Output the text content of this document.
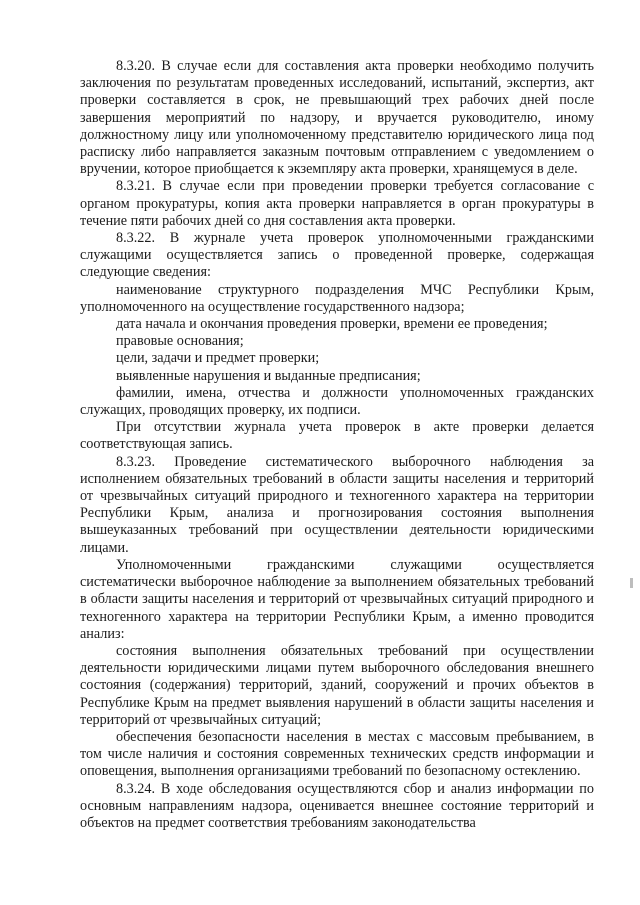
8.3.20. В случае если для составления акта проверки необходимо получить заключения по результатам проведенных исследований, испытаний, экспертиз, акт проверки составляется в срок, не превышающий трех рабочих дней после завершения мероприятий по надзору, и вручается руководителю, иному должностному лицу или уполномоченному представителю юридического лица под расписку либо направляется заказным почтовым отправлением с уведомлением о вручении, которое приобщается к экземпляру акта проверки, хранящемуся в деле.

8.3.21. В случае если при проведении проверки требуется согласование с органом прокуратуры, копия акта проверки направляется в орган прокуратуры в течение пяти рабочих дней со дня составления акта проверки.

8.3.22. В журнале учета проверок уполномоченными гражданскими служащими осуществляется запись о проведенной проверке, содержащая следующие сведения:

наименование структурного подразделения МЧС Республики Крым, уполномоченного на осуществление государственного надзора;

дата начала и окончания проведения проверки, времени ее проведения;

правовые основания;

цели, задачи и предмет проверки;

выявленные нарушения и выданные предписания;

фамилии, имена, отчества и должности уполномоченных гражданских служащих, проводящих проверку, их подписи.

При отсутствии журнала учета проверок в акте проверки делается соответствующая запись.

8.3.23. Проведение систематического выборочного наблюдения за исполнением обязательных требований в области защиты населения и территорий от чрезвычайных ситуаций природного и техногенного характера на территории Республики Крым, анализа и прогнозирования состояния выполнения вышеуказанных требований при осуществлении деятельности юридическими лицами.

Уполномоченными гражданскими служащими осуществляется систематически выборочное наблюдение за выполнением обязательных требований в области защиты населения и территорий от чрезвычайных ситуаций природного и техногенного характера на территории Республики Крым, а именно проводится анализ:

состояния выполнения обязательных требований при осуществлении деятельности юридическими лицами путем выборочного обследования внешнего состояния (содержания) территорий, зданий, сооружений и прочих объектов в Республике Крым на предмет выявления нарушений в области защиты населения и территорий от чрезвычайных ситуаций;

обеспечения безопасности населения в местах с массовым пребыванием, в том числе наличия и состояния современных технических средств информации и оповещения, выполнения организациями требований по безопасному остеклению.

8.3.24. В ходе обследования осуществляются сбор и анализ информации по основным направлениям надзора, оценивается внешнее состояние территорий и объектов на предмет соответствия требованиям законодательства
